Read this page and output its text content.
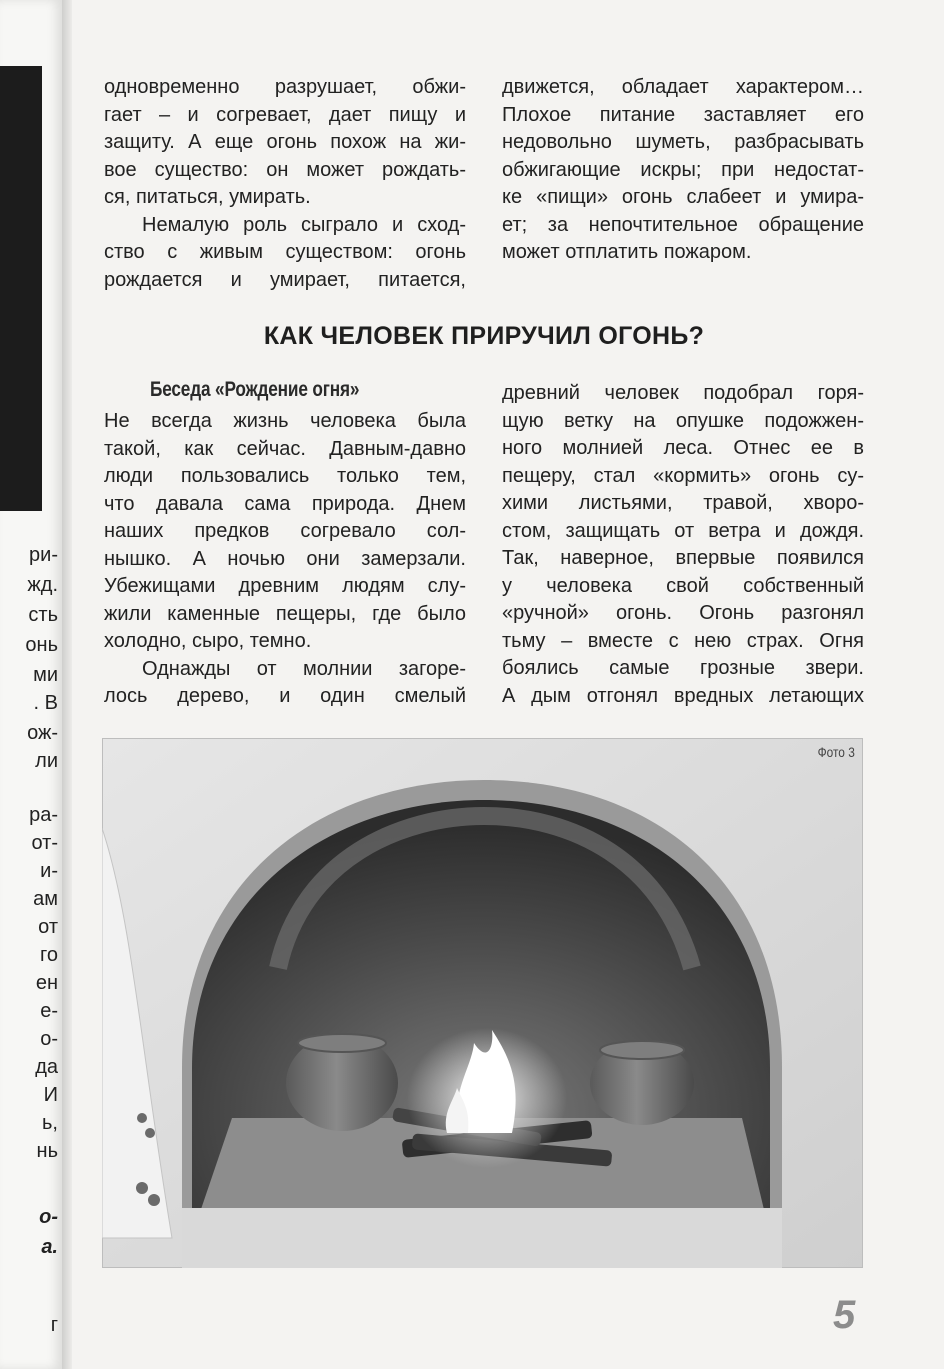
ри-
жд.
сть
онь
ми
. В
ож-
ли
ра-
от-
и-
ам
от
го
ен
е-
о-
да
И
ь,
нь
о-
а.
г
одновременно разрушает, обжи-
гает – и согревает, дает пищу и
защиту. А еще огонь похож на жи-
вое существо: он может рождать-
ся, питаться, умирать.
Немалую роль сыграло и сход-
ство с живым существом: огонь
рождается и умирает, питается,
движется, обладает характером…
Плохое питание заставляет его
недовольно шуметь, разбрасывать
обжигающие искры; при недостат-
ке «пищи» огонь слабеет и умира-
ет; за непочтительное обращение
может отплатить пожаром.
КАК ЧЕЛОВЕК ПРИРУЧИЛ ОГОНЬ?
Беседа «Рождение огня»
Не всегда жизнь человека была
такой, как сейчас. Давным-давно
люди пользовались только тем,
что давала сама природа. Днем
наших предков согревало сол-
нышко. А ночью они замерзали.
Убежищами древним людям слу-
жили каменные пещеры, где было
холодно, сыро, темно.
Однажды от молнии загоре-
лось дерево, и один смелый
древний человек подобрал горя-
щую ветку на опушке подожжен-
ного молнией леса. Отнес ее в
пещеру, стал «кормить» огонь су-
хими листьями, травой, хворо-
стом, защищать от ветра и дождя.
Так, наверное, впервые появился
у человека свой собственный
«ручной» огонь. Огонь разгонял
тьму – вместе с нею страх. Огня
боялись самые грозные звери.
А дым отгонял вредных летающих
Фото 3
5
